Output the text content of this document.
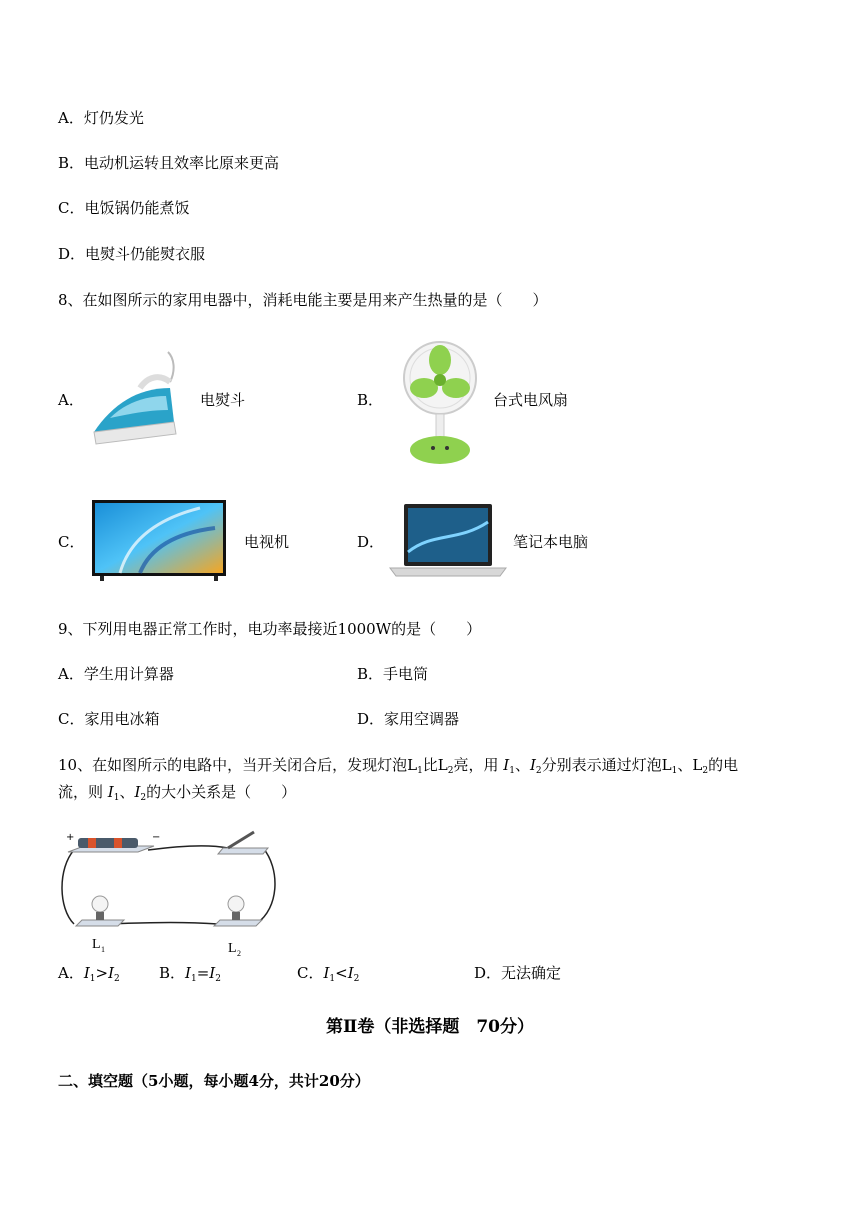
A．灯仍发光
B．电动机运转且效率比原来更高
C．电饭锅仍能煮饭
D．电熨斗仍能熨衣服
8、在如图所示的家用电器中，消耗电能主要是用来产生热量的是（　　）
A．	电熨斗	B．	台式电风扇
C．	电视机	D．	笔记本电脑
9、下列用电器正常工作时，电功率最接近1000W的是（　　）
A．学生用计算器	B．手电筒
C．家用电冰箱	D．家用空调器
10、在如图所示的电路中，当开关闭合后，发现灯泡$L_1$比$L_2$亮，用 $I_1$、$I_2$分别表示通过灯泡$L_1$、$L_2$的电
流，则 $I_1$、$I_2$的大小关系是（　　）
+	−
L 1	L 2
A．$I_1>I_2$	B．$I_1=I_2$	C．$I_1<I_2$	D．无法确定
第Ⅱ卷（非选择题　70分）
二、填空题（5小题，每小题4分，共计20分）
